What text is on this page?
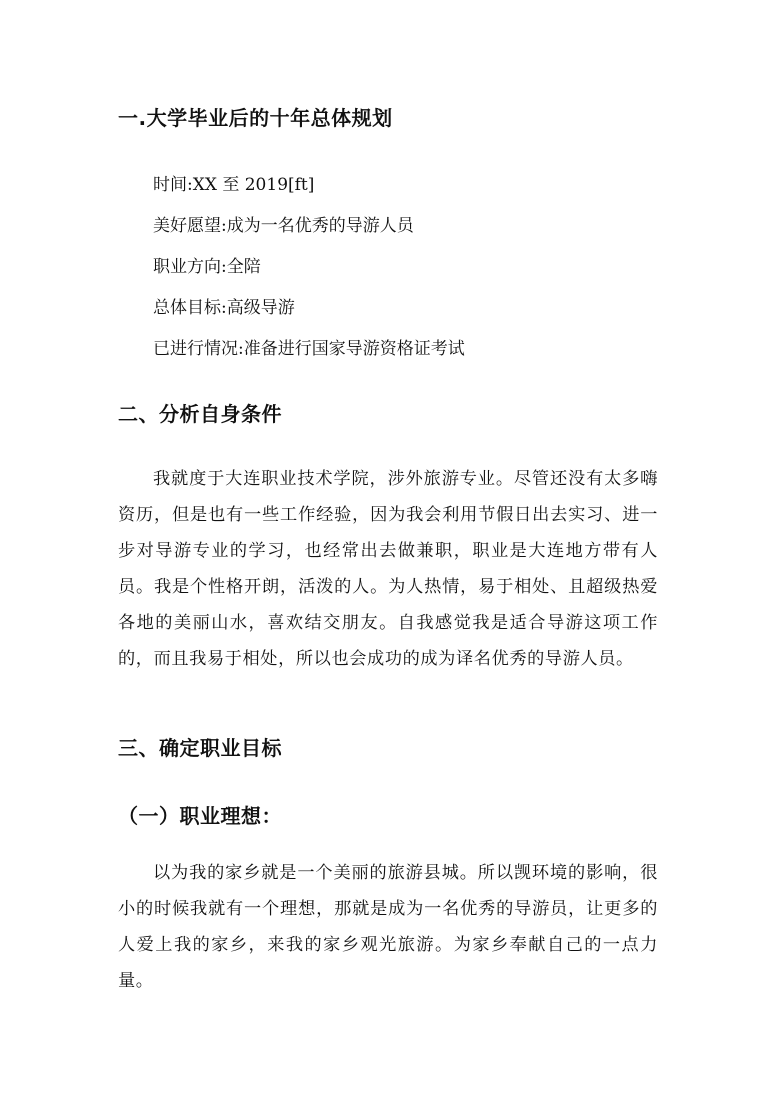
一.大学毕业后的十年总体规划
时间:XX 至 2019[ft]
美好愿望:成为一名优秀的导游人员
职业方向:全陪
总体目标:高级导游
已进行情况:准备进行国家导游资格证考试
二、分析自身条件
我就度于大连职业技术学院，涉外旅游专业。尽管还没有太多嗨资历，但是也有一些工作经验，因为我会利用节假日出去实习、进一步对导游专业的学习，也经常出去做兼职，职业是大连地方带有人员。我是个性格开朗，活泼的人。为人热情，易于相处、且超级热爱各地的美丽山水，喜欢结交朋友。自我感觉我是适合导游这项工作的，而且我易于相处，所以也会成功的成为译名优秀的导游人员。
三、确定职业目标
（一）职业理想：
以为我的家乡就是一个美丽的旅游县城。所以觊环境的影响，很小的时候我就有一个理想，那就是成为一名优秀的导游员，让更多的人爱上我的家乡，来我的家乡观光旅游。为家乡奉献自己的一点力量。
